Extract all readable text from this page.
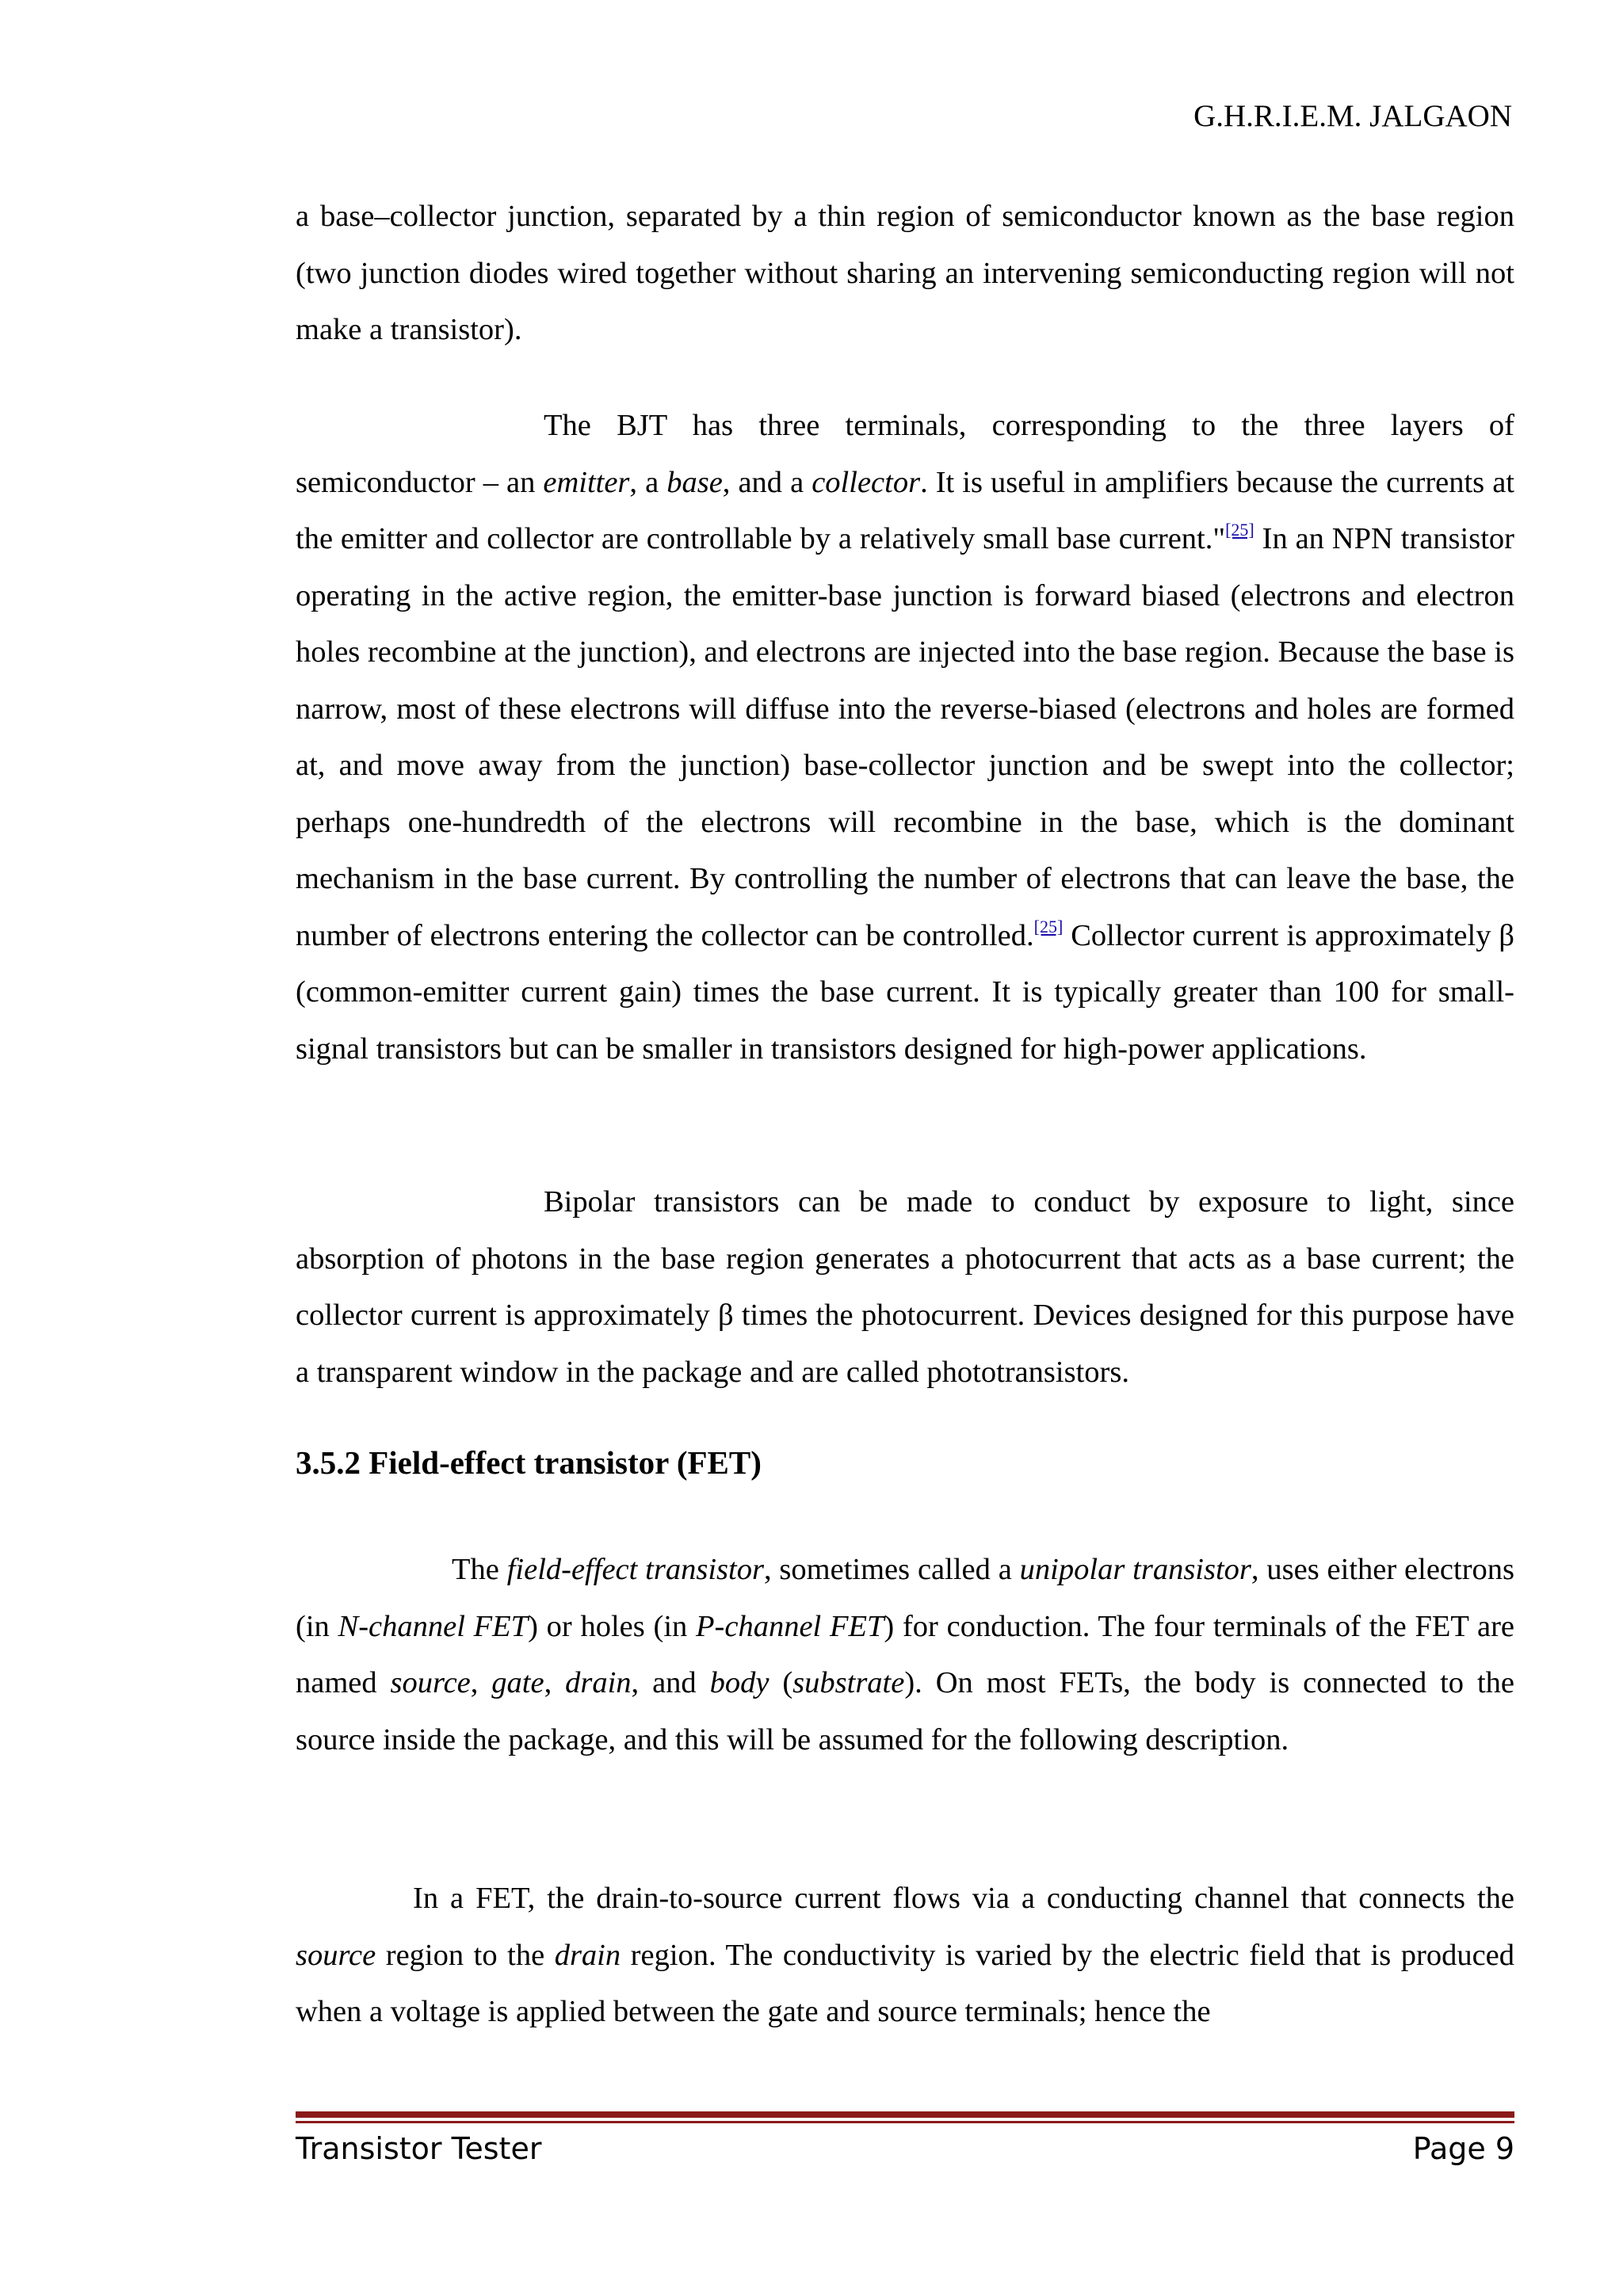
G.H.R.I.E.M. JALGAON

a base–collector junction, separated by a thin region of semiconductor known as the base region (two junction diodes wired together without sharing an intervening semiconducting region will not make a transistor).

The BJT has three terminals, corresponding to the three layers of semiconductor – an emitter, a base, and a collector. It is useful in amplifiers because the currents at the emitter and collector are controllable by a relatively small base current."[25] In an NPN transistor operating in the active region, the emitter-base junction is forward biased (electrons and electron holes recombine at the junction), and electrons are injected into the base region. Because the base is narrow, most of these electrons will diffuse into the reverse-biased (electrons and holes are formed at, and move away from the junction) base-collector junction and be swept into the collector; perhaps one-hundredth of the electrons will recombine in the base, which is the dominant mechanism in the base current. By controlling the number of electrons that can leave the base, the number of electrons entering the collector can be controlled.[25] Collector current is approximately β (common-emitter current gain) times the base current. It is typically greater than 100 for small-signal transistors but can be smaller in transistors designed for high-power applications.

Bipolar transistors can be made to conduct by exposure to light, since absorption of photons in the base region generates a photocurrent that acts as a base current; the collector current is approximately β times the photocurrent. Devices designed for this purpose have a transparent window in the package and are called phototransistors.

3.5.2 Field-effect transistor (FET)

The field-effect transistor, sometimes called a unipolar transistor, uses either electrons (in N-channel FET) or holes (in P-channel FET) for conduction. The four terminals of the FET are named source, gate, drain, and body (substrate). On most FETs, the body is connected to the source inside the package, and this will be assumed for the following description.

In a FET, the drain-to-source current flows via a conducting channel that connects the source region to the drain region. The conductivity is varied by the electric field that is produced when a voltage is applied between the gate and source terminals; hence the

Transistor Tester	Page 9
